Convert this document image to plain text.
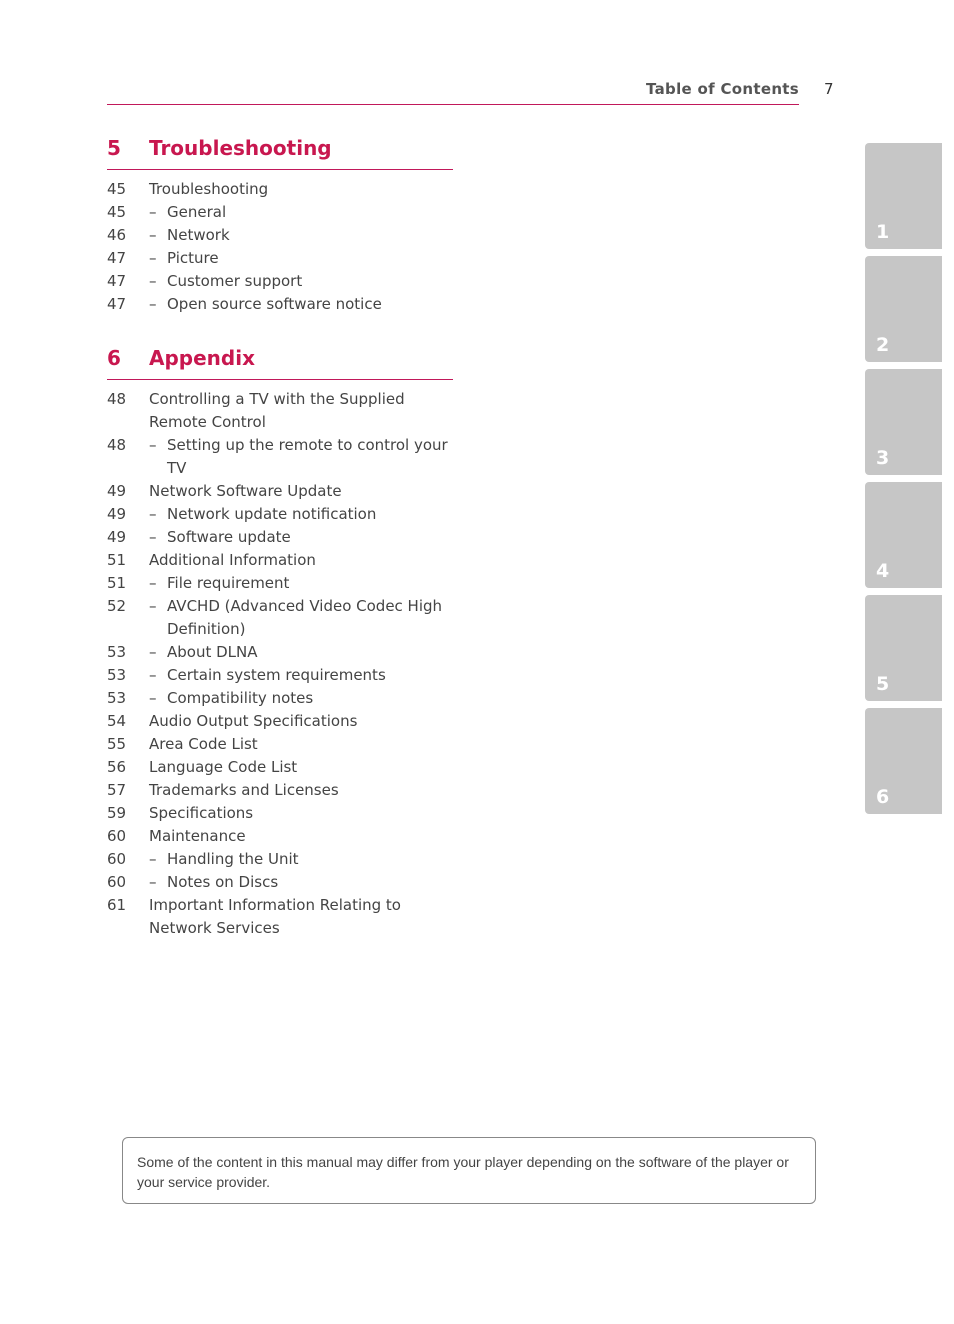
Table of Contents 7
5 Troubleshooting
45 Troubleshooting
45 – General
46 – Network
47 – Picture
47 – Customer support
47 – Open source software notice
6 Appendix
48 Controlling a TV with the Supplied Remote Control
48 – Setting up the remote to control your TV
49 Network Software Update
49 – Network update notification
49 – Software update
51 Additional Information
51 – File requirement
52 – AVCHD (Advanced Video Codec High Definition)
53 – About DLNA
53 – Certain system requirements
53 – Compatibility notes
54 Audio Output Specifications
55 Area Code List
56 Language Code List
57 Trademarks and Licenses
59 Specifications
60 Maintenance
60 – Handling the Unit
60 – Notes on Discs
61 Important Information Relating to Network Services
1
2
3
4
5
6
Some of the content in this manual may differ from your player depending on the software of the player or your service provider.
